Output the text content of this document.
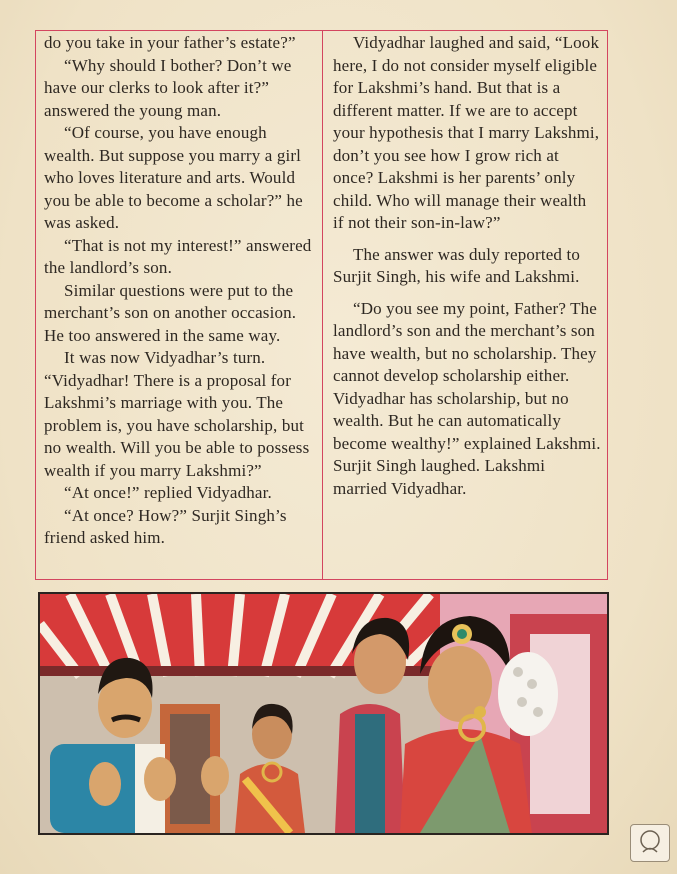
do you take in your father’s estate?”

“Why should I bother? Don’t we have our clerks to look after it?” answered the young man.

“Of course, you have enough wealth. But suppose you marry a girl who loves literature and arts. Would you be able to become a scholar?” he was asked.

“That is not my interest!” answered the landlord’s son.

Similar questions were put to the merchant’s son on another occasion. He too answered in the same way.

It was now Vidyadhar’s turn. “Vidyadhar! There is a proposal for Lakshmi’s marriage with you. The problem is, you have scholarship, but no wealth. Will you be able to possess wealth if you marry Lakshmi?”

“At once!” replied Vidyadhar.

“At once? How?” Surjit Singh’s friend asked him.

Vidyadhar laughed and said, “Look here, I do not consider myself eligible for Lakshmi’s hand. But that is a different matter. If we are to accept your hypothesis that I marry Lakshmi, don’t you see how I grow rich at once? Lakshmi is her parents’ only child. Who will manage their wealth if not their son-in-law?”

The answer was duly reported to Surjit Singh, his wife and Lakshmi.

“Do you see my point, Father? The landlord’s son and the merchant’s son have wealth, but no scholarship. They cannot develop scholarship either. Vidyadhar has scholarship, but no wealth. But he can automatically become wealthy!” explained Lakshmi. Surjit Singh laughed. Lakshmi married Vidyadhar.
